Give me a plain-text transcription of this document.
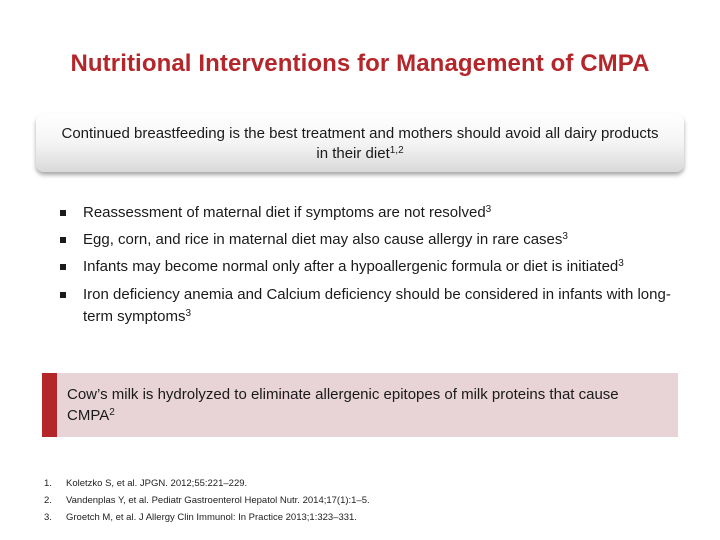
Nutritional Interventions for Management of CMPA
Continued breastfeeding is the best treatment and mothers should avoid all dairy products in their diet$^{1,2}$
Reassessment of maternal diet if symptoms are not resolved$^3$
Egg, corn, and rice in maternal diet may also cause allergy in rare cases$^3$
Infants may become normal only after a hypoallergenic formula or diet is initiated$^3$
Iron deficiency anemia and Calcium deficiency should be considered in infants with long-term symptoms$^3$
Cow’s milk is hydrolyzed to eliminate allergenic epitopes of milk proteins that cause CMPA$^2$
1.	Koletzko S, et al. JPGN. 2012;55:221–229.
2.	Vandenplas Y, et al. Pediatr Gastroenterol Hepatol Nutr. 2014;17(1):1–5.
3.	Groetch M, et al. J Allergy Clin Immunol: In Practice 2013;1:323–331.
